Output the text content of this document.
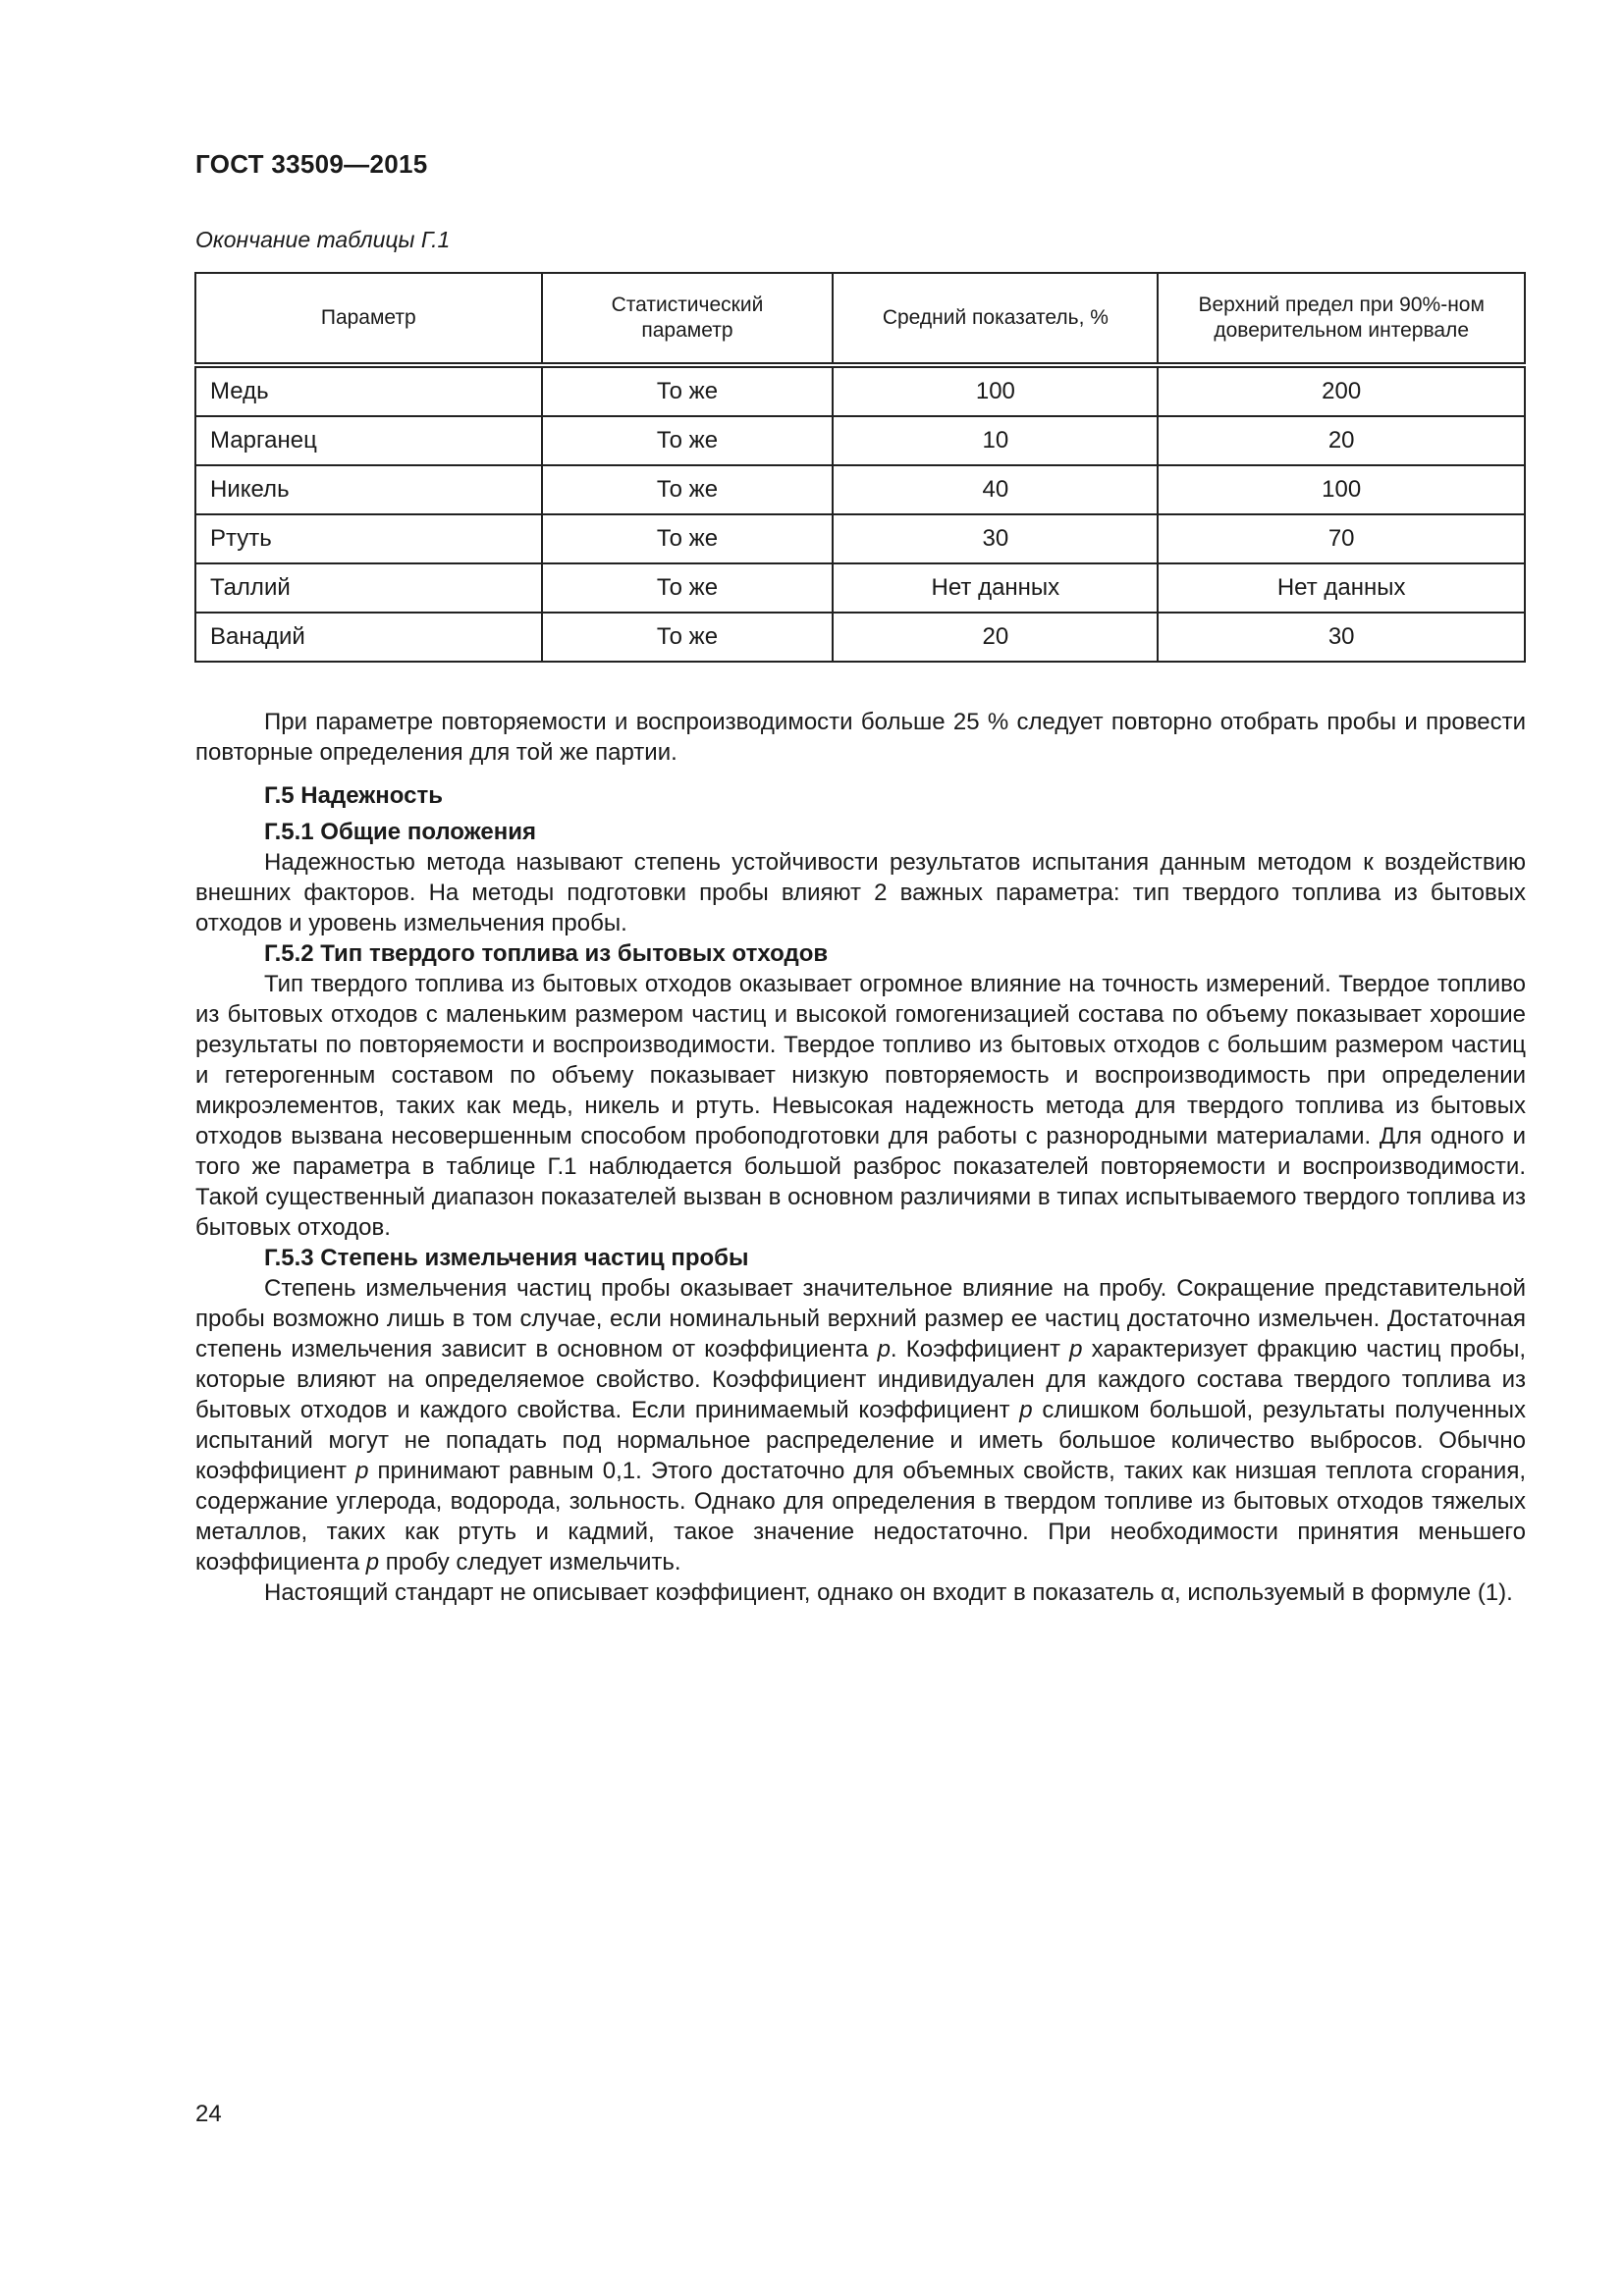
ГОСТ 33509—2015
Окончание таблицы Г.1
Параметр	Статистический параметр	Средний показатель, %	Верхний предел при 90%-ном доверительном интервале
Медь	То же	100	200
Марганец	То же	10	20
Никель	То же	40	100
Ртуть	То же	30	70
Таллий	То же	Нет данных	Нет данных
Ванадий	То же	20	30

При параметре повторяемости и воспроизводимости больше 25 % следует повторно отобрать пробы и провести повторные определения для той же партии.

Г.5 Надежность
Г.5.1 Общие положения

Надежностью метода называют степень устойчивости результатов испытания данным методом к воздействию внешних факторов. На методы подготовки пробы влияют 2 важных параметра: тип твердого топлива из бытовых отходов и уровень измельчения пробы.

Г.5.2 Тип твердого топлива из бытовых отходов

Тип твердого топлива из бытовых отходов оказывает огромное влияние на точность измерений. Твердое топливо из бытовых отходов с маленьким размером частиц и высокой гомогенизацией состава по объему показывает хорошие результаты по повторяемости и воспроизводимости. Твердое топливо из бытовых отходов с большим размером частиц и гетерогенным составом по объему показывает низкую повторяемость и воспроизводимость при определении микроэлементов, таких как медь, никель и ртуть. Невысокая надежность метода для твердого топлива из бытовых отходов вызвана несовершенным способом пробоподготовки для работы с разнородными материалами. Для одного и того же параметра в таблице Г.1 наблюдается большой разброс показателей повторяемости и воспроизводимости. Такой существенный диапазон показателей вызван в основном различиями в типах испытываемого твердого топлива из бытовых отходов.

Г.5.3 Степень измельчения частиц пробы

Степень измельчения частиц пробы оказывает значительное влияние на пробу. Сокращение представительной пробы возможно лишь в том случае, если номинальный верхний размер ее частиц достаточно измельчен. Достаточная степень измельчения зависит в основном от коэффициента p. Коэффициент p характеризует фракцию частиц пробы, которые влияют на определяемое свойство. Коэффициент индивидуален для каждого состава твердого топлива из бытовых отходов и каждого свойства. Если принимаемый коэффициент p слишком большой, результаты полученных испытаний могут не попадать под нормальное распределение и иметь большое количество выбросов. Обычно коэффициент p принимают равным 0,1. Этого достаточно для объемных свойств, таких как низшая теплота сгорания, содержание углерода, водорода, зольность. Однако для определения в твердом топливе из бытовых отходов тяжелых металлов, таких как ртуть и кадмий, такое значение недостаточно. При необходимости принятия меньшего коэффициента p пробу следует измельчить.

Настоящий стандарт не описывает коэффициент, однако он входит в показатель α, используемый в формуле (1).

24
